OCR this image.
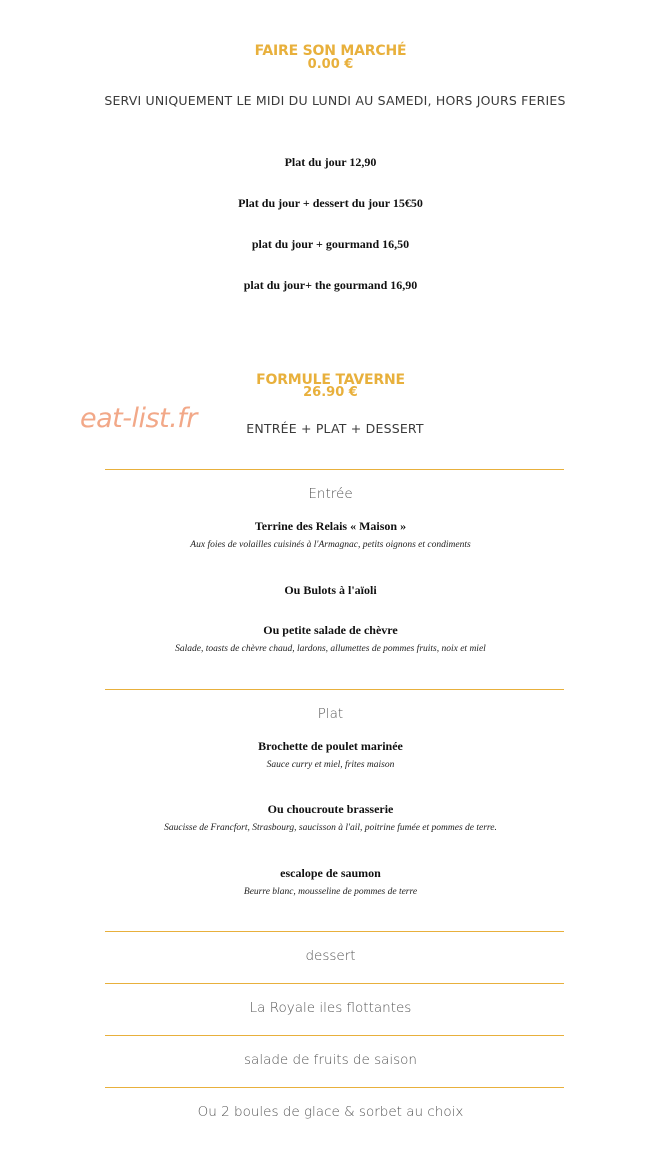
FAIRE SON MARCHÉ
0.00 €
SERVI UNIQUEMENT LE MIDI DU LUNDI AU SAMEDI, HORS JOURS FERIES
Plat du jour 12,90
Plat du jour + dessert du jour 15€50
plat du jour + gourmand 16,50
plat du jour+ the gourmand 16,90
FORMULE TAVERNE
26.90 €
eat-list.fr	ENTRÉE + PLAT + DESSERT
Entrée
Terrine des Relais « Maison »
Aux foies de volailles cuisinés à l'Armagnac, petits oignons et condiments
Ou Bulots à l'aïoli
Ou petite salade de chèvre
Salade, toasts de chèvre chaud, lardons, allumettes de pommes fruits, noix et miel
Plat
Brochette de poulet marinée
Sauce curry et miel, frites maison
Ou choucroute brasserie
Saucisse de Francfort, Strasbourg, saucisson à l'ail, poitrine fumée et pommes de terre.
escalope de saumon
Beurre blanc, mousseline de pommes de terre
dessert
La Royale iles flottantes
salade de fruits de saison
Ou 2 boules de glace & sorbet au choix
